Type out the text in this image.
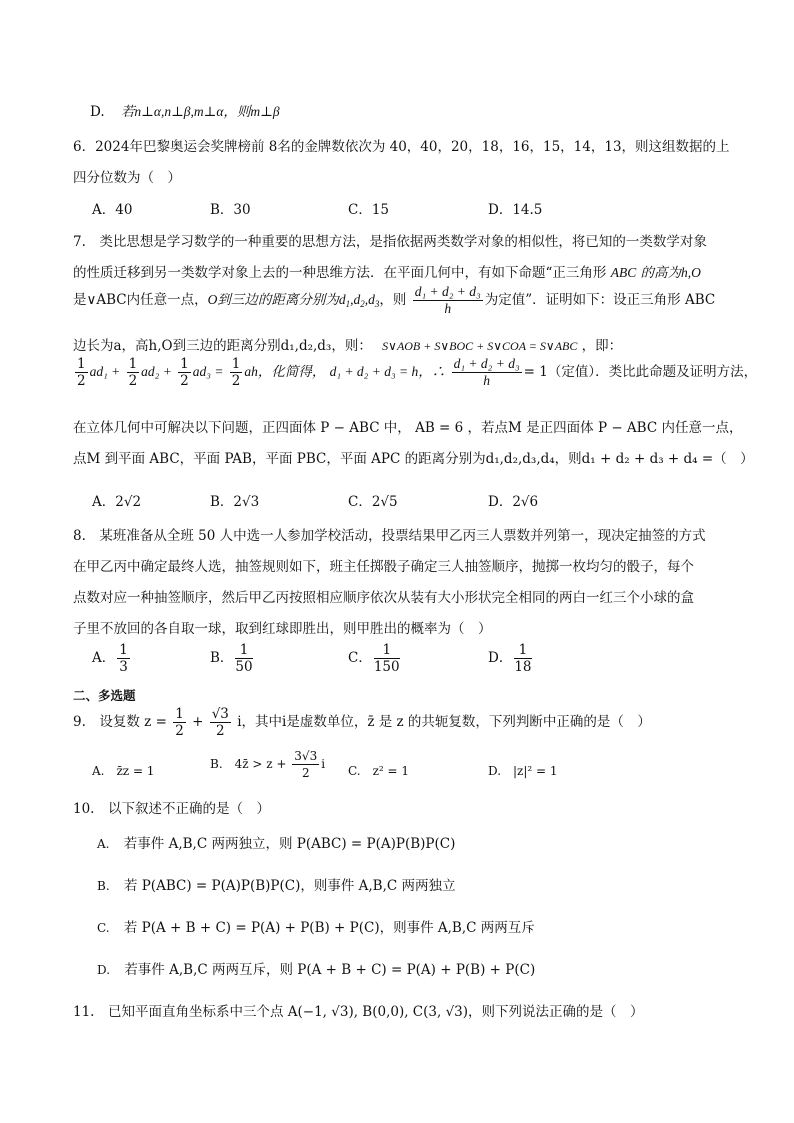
D. 若n⊥α,n⊥β,m⊥α，则m⊥β
6．2024年巴黎奥运会奖牌榜前 8名的金牌数依次为 40，40，20，18，16，15，14，13，则这组数据的上
四分位数为（　）
A．40	B．30	C．15	D．14.5
7.　类比思想是学习数学的一种重要的思想方法，是指依据两类数学对象的相似性，将已知的一类数学对象
的性质迁移到另一类数学对象上去的一种思维方法．在平面几何中，有如下命题“正三角形 ABC 的高为h,O
是∨ABC内任意一点，O到三边的距离分别为$d_1,d_2,d_3$，则 $\frac{\text{d₁ + d₂ + d₃}}{h}$ 为定值”．证明如下：设正三角形 ABC
边长为a，高h,O到三边的距离分别d₁,d₂,d₃，则： S∨AOB + S∨BOC + S∨COA = S∨ABC ，即：
$\frac{1}{2} ad_1 + \frac{1}{2} ad_2 + \frac{1}{2} ad_3 = \frac{1}{2}$ ah，化简得， d₁ + d₂ + d₃ = h，∴ $\frac{\text{d₁ + d₂ + d₃}}{h} = 1$（定值）．类比此命题及证明方法，
在立体几何中可解决以下问题，正四面体 P − ABC 中， AB = 6 ，若点M 是正四面体 P − ABC 内任意一点，
点M 到平面 ABC，平面 PAB，平面 PBC，平面 APC 的距离分别为d₁,d₂,d₃,d₄，则d₁ + d₂ + d₃ + d₄ =（　）
A．2√2	B．2√3	C．2√5	D．2√6
8.　某班准备从全班 50 人中选一人参加学校活动，投票结果甲乙丙三人票数并列第一，现决定抽签的方式
在甲乙丙中确定最终人选，抽签规则如下，班主任掷骰子确定三人抽签顺序，抛掷一枚均匀的骰子，每个
点数对应一种抽签顺序，然后甲乙丙按照相应顺序依次从装有大小形状完全相同的两白一红三个小球的盒
子里不放回的各自取一球，取到红球即胜出，则甲胜出的概率为（　）
A． $\frac{1}{3}$	B． $\frac{1}{50}$	C． $\frac{1}{150}$	D． $\frac{1}{18}$
二、多选题
9.　设复数 $z = \frac{1}{2} + \frac{√3}{2}$ i，其中i是虚数单位，z̄ 是 z 的共轭复数，下列判断中正确的是（　）
A.　z̄z = 1	B.　4z̄ > $z + \frac{3√3}{2}$ i C.　z² = 1	D.　|z|² = 1
10.　以下叙述不正确的是（　）
A. 若事件 A,B,C 两两独立，则 P(ABC) = P(A)P(B)P(C)
B. 若 P(ABC) = P(A)P(B)P(C)，则事件 A,B,C 两两独立
C. 若 P(A + B + C) = P(A) + P(B) + P(C)，则事件 A,B,C 两两互斥
D. 若事件 A,B,C 两两互斥，则 P(A + B + C) = P(A) + P(B) + P(C)
11.　已知平面直角坐标系中三个点 A(−1, √3), B(0,0), C(3, √3)，则下列说法正确的是（　）
